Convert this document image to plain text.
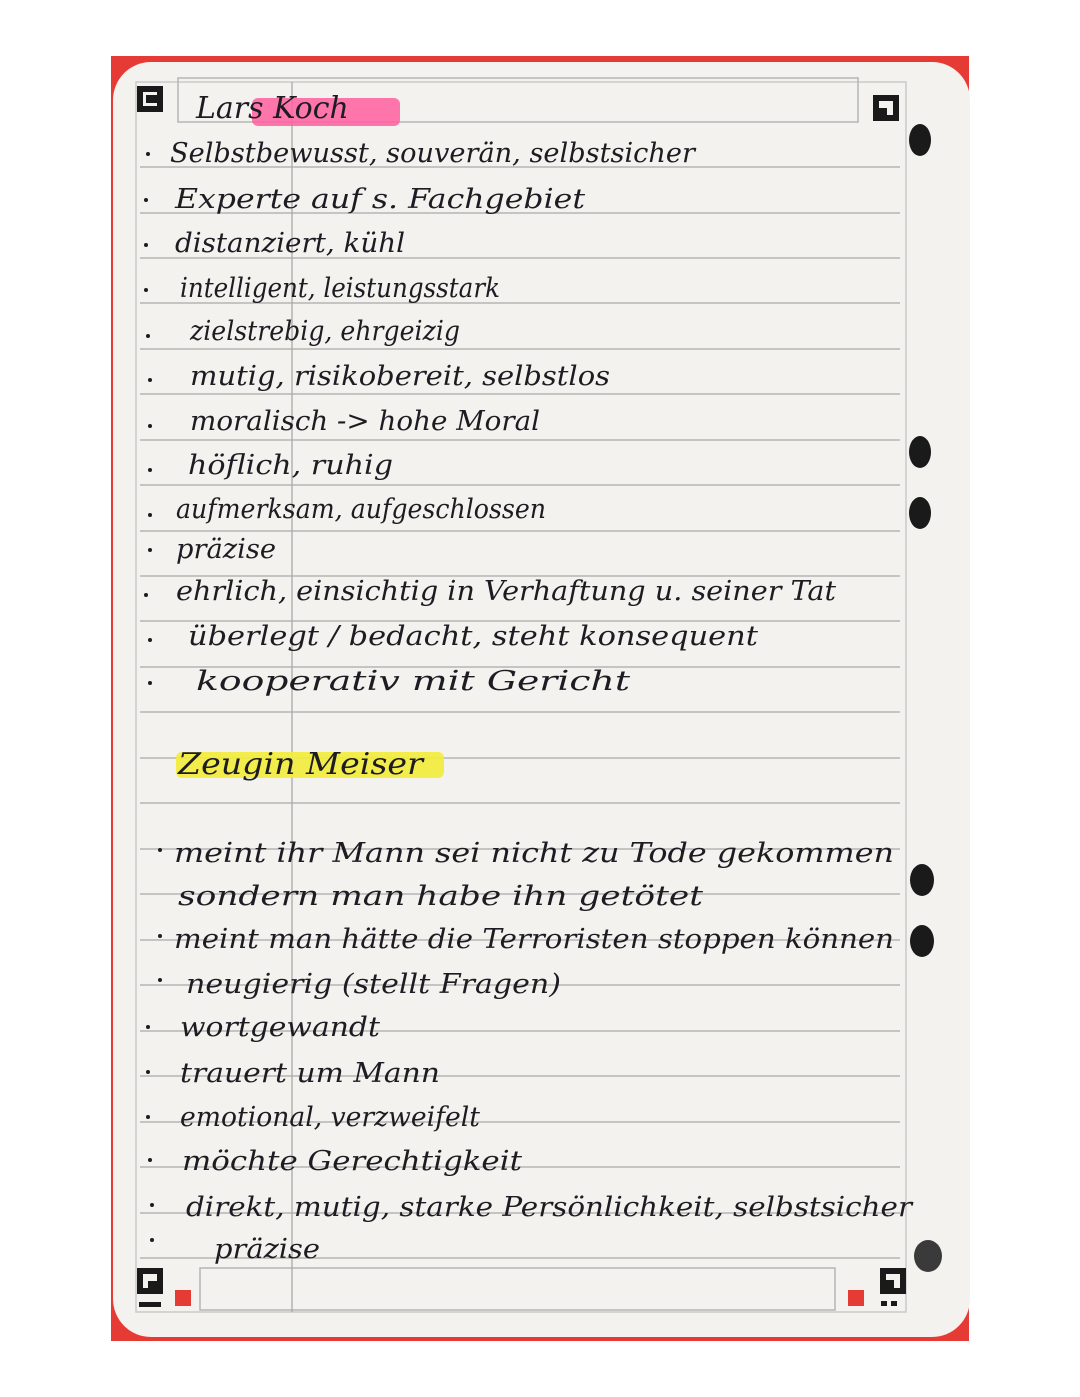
Lars Koch
Selbstbewusst, souverän, selbstsicher
Experte auf s. Fachgebiet
distanziert, kühl
intelligent, leistungsstark
zielstrebig, ehrgeizig
mutig, risikobereit, selbstlos
moralisch -> hohe Moral
höflich, ruhig
aufmerksam, aufgeschlossen
präzise
ehrlich, einsichtig in Verhaftung u. seiner Tat
überlegt / bedacht, steht konsequent
kooperativ mit Gericht
Zeugin Meiser
meint ihr Mann sei nicht zu Tode gekommen
sondern man habe ihn getötet
meint man hätte die Terroristen stoppen können
neugierig (stellt Fragen)
wortgewandt
trauert um Mann
emotional, verzweifelt
möchte Gerechtigkeit
direkt, mutig, starke Persönlichkeit, selbstsicher
präzise
